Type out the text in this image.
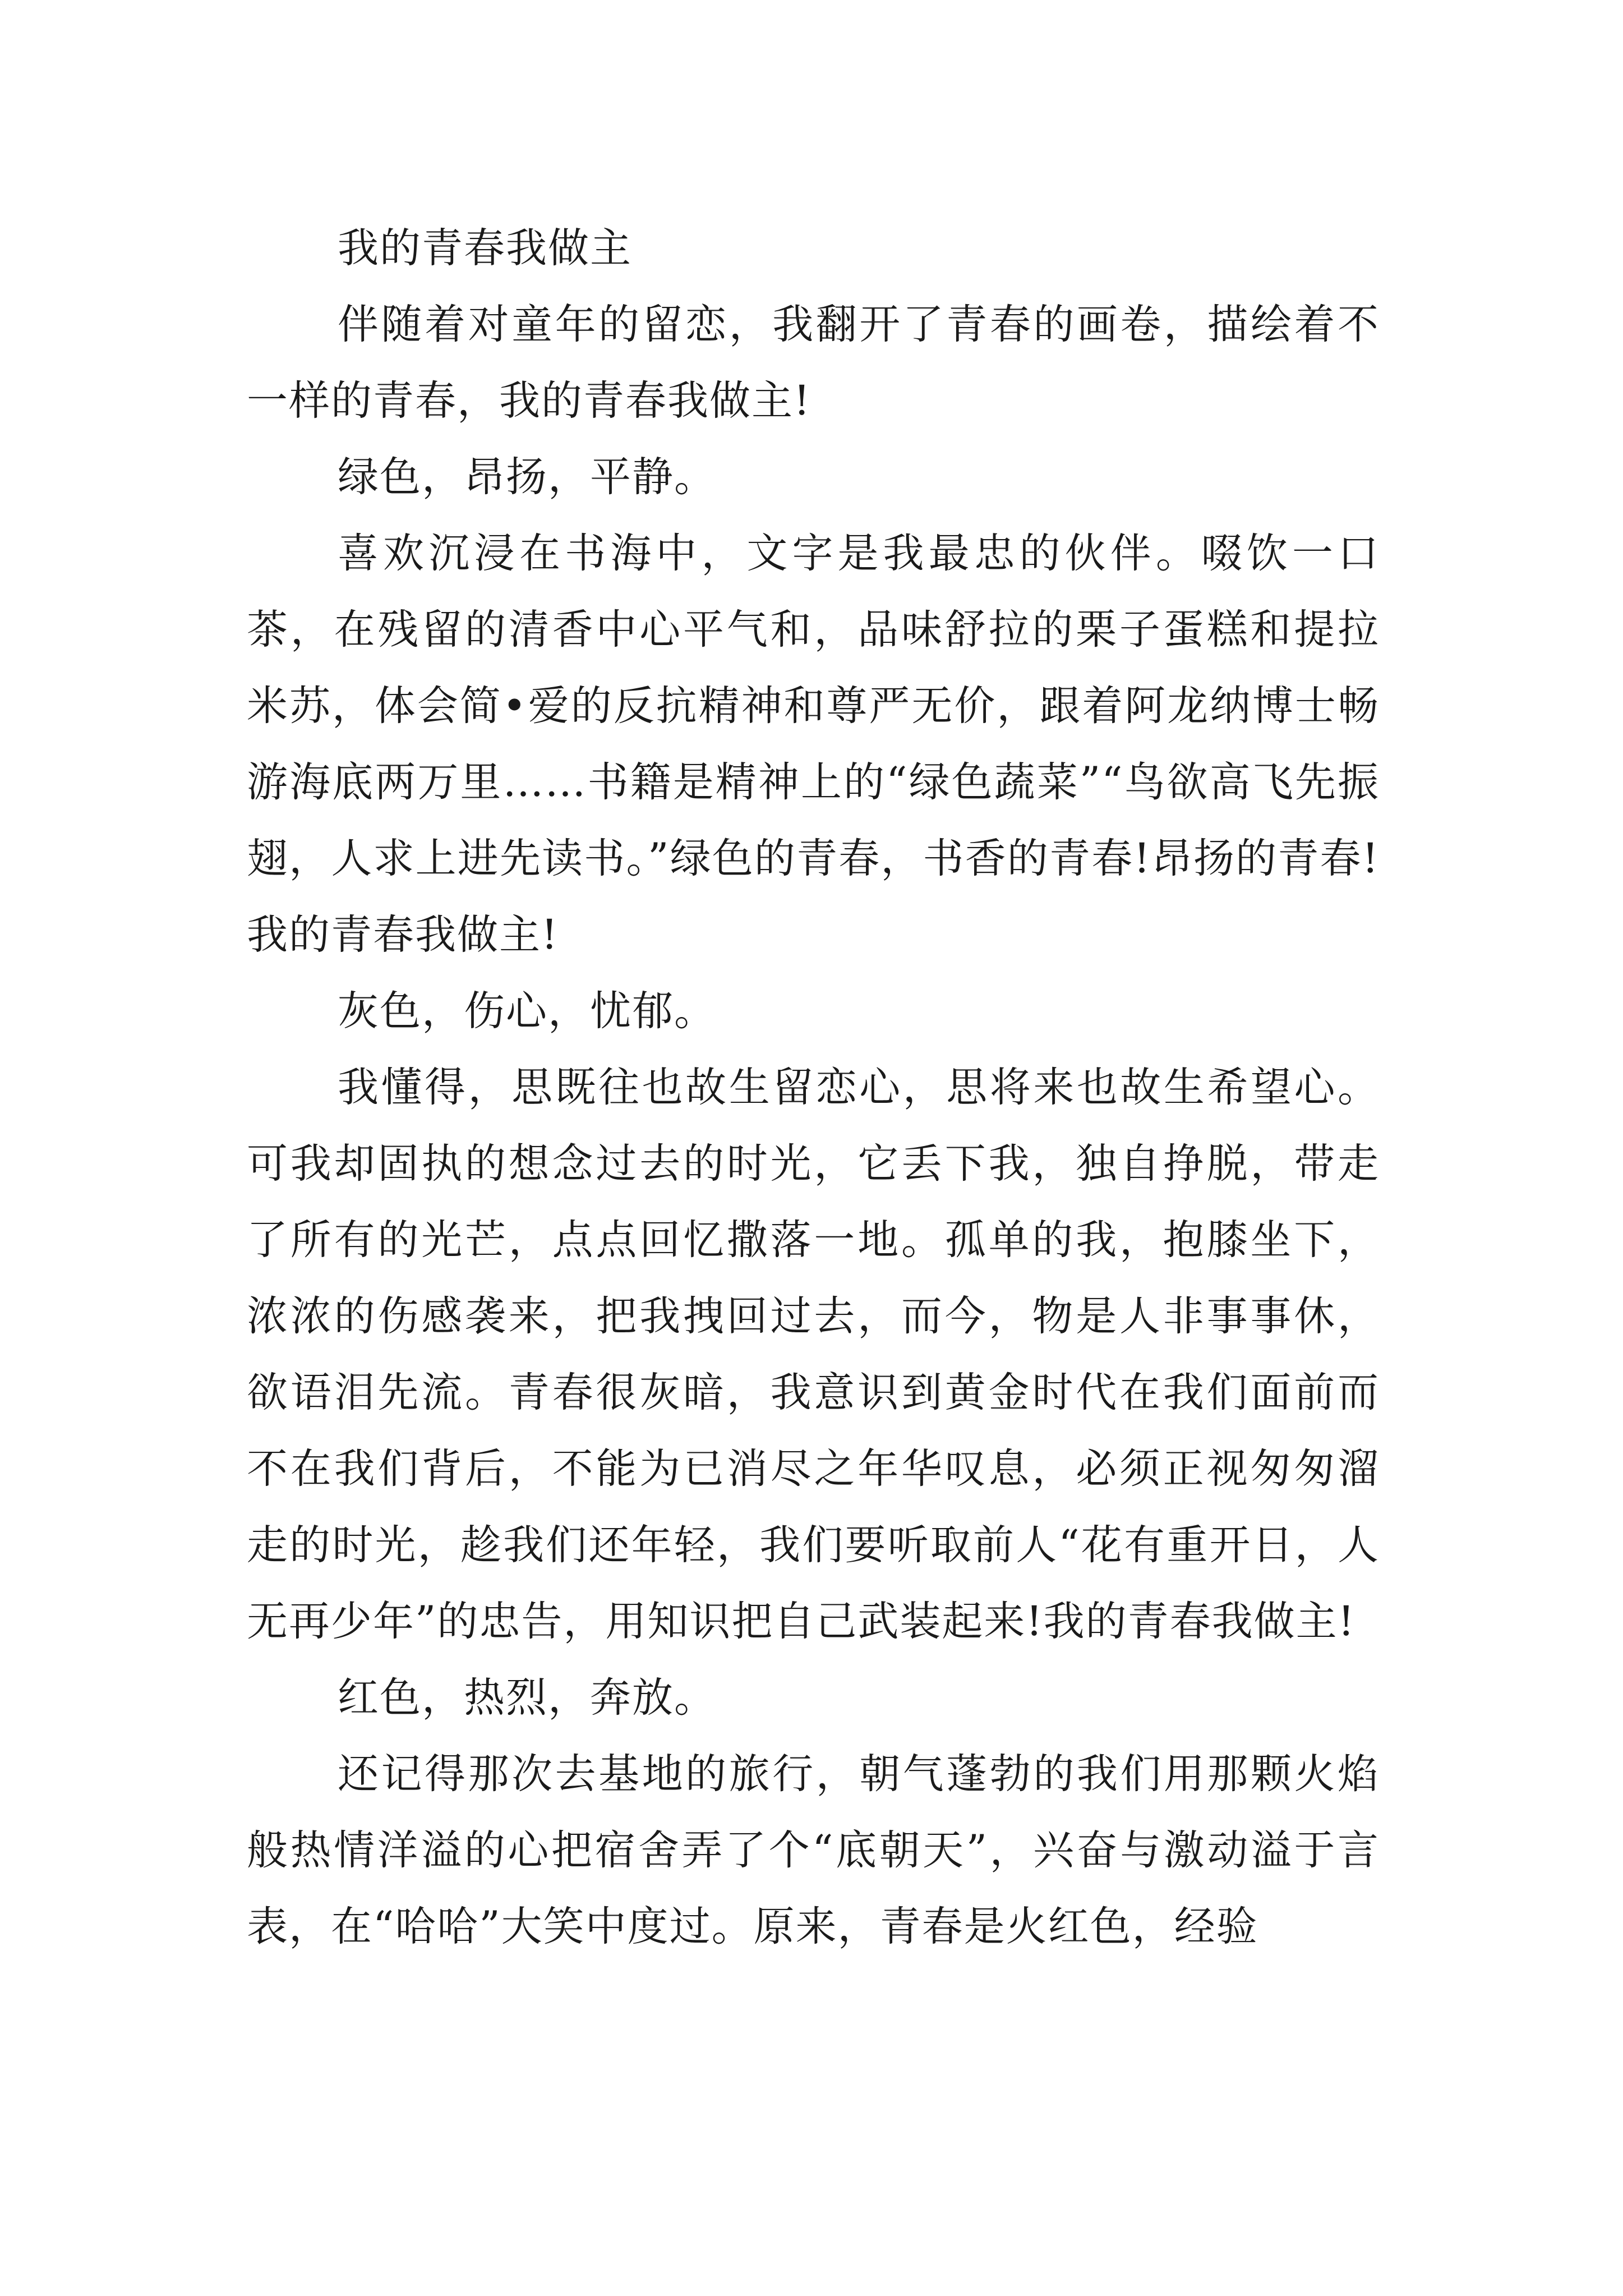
我的青春我做主

伴随着对童年的留恋，我翻开了青春的画卷，描绘着不一样的青春，我的青春我做主!

绿色，昂扬，平静。

喜欢沉浸在书海中，文字是我最忠的伙伴。啜饮一口茶，在残留的清香中心平气和，品味舒拉的栗子蛋糕和提拉米苏，体会简•爱的反抗精神和尊严无价，跟着阿龙纳博士畅游海底两万里……书籍是精神上的“绿色蔬菜”“鸟欲高飞先振翅，人求上进先读书。”绿色的青春，书香的青春!昂扬的青春!我的青春我做主!

灰色，伤心，忧郁。

我懂得，思既往也故生留恋心，思将来也故生希望心。可我却固执的想念过去的时光，它丢下我，独自挣脱，带走了所有的光芒，点点回忆撒落一地。孤单的我，抱膝坐下，浓浓的伤感袭来，把我拽回过去，而今，物是人非事事休，欲语泪先流。青春很灰暗，我意识到黄金时代在我们面前而不在我们背后，不能为已消尽之年华叹息，必须正视匆匆溜走的时光，趁我们还年轻，我们要听取前人“花有重开日，人无再少年”的忠告，用知识把自己武装起来!我的青春我做主!

红色，热烈，奔放。

还记得那次去基地的旅行，朝气蓬勃的我们用那颗火焰般热情洋溢的心把宿舍弄了个“底朝天”，兴奋与激动溢于言表，在“哈哈”大笑中度过。原来，青春是火红色，经验
